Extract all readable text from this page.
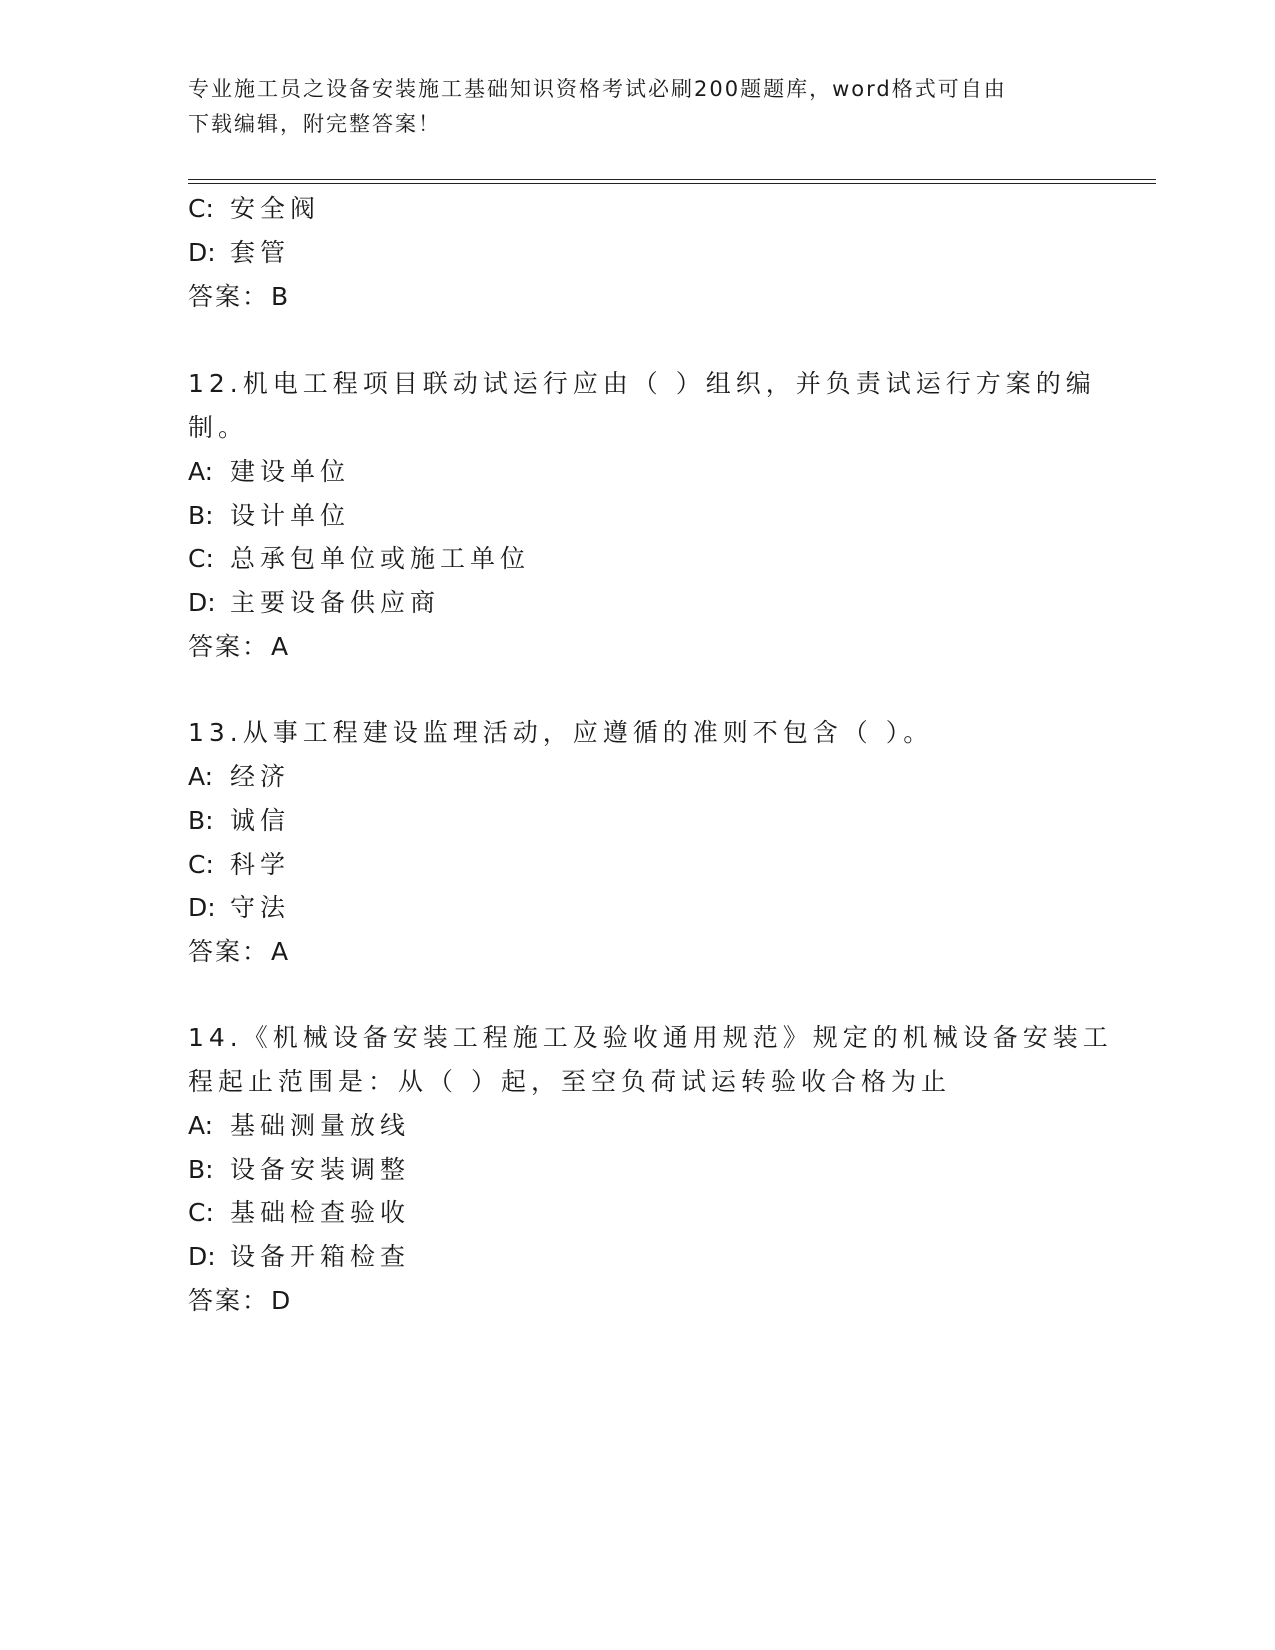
专业施工员之设备安装施工基础知识资格考试必刷200题题库，word格式可自由
下载编辑，附完整答案！
C: 安全阀
D: 套管
答案：B
12.机电工程项目联动试运行应由（ ）组织，并负责试运行方案的编
制。
A: 建设单位
B: 设计单位
C: 总承包单位或施工单位
D: 主要设备供应商
答案：A
13.从事工程建设监理活动，应遵循的准则不包含（ ）。
A: 经济
B: 诚信
C: 科学
D: 守法
答案：A
14.《机械设备安装工程施工及验收通用规范》规定的机械设备安装工
程起止范围是：从（ ）起，至空负荷试运转验收合格为止
A: 基础测量放线
B: 设备安装调整
C: 基础检查验收
D: 设备开箱检查
答案：D
